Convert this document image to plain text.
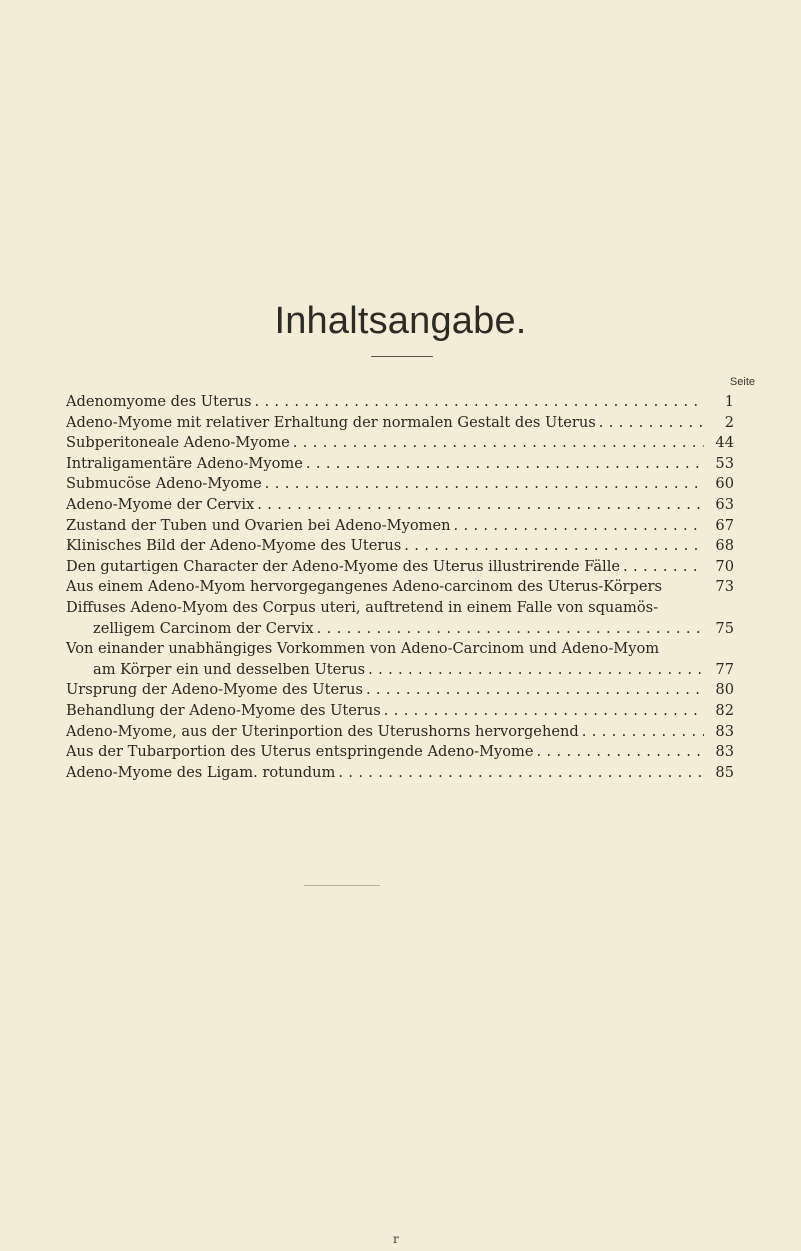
Inhaltsangabe.
Seite
Adenomyome des Uterus . . .	1
Adeno-Myome mit relativer Erhaltung der normalen Gestalt des Uterus . . .	2
Subperitoneale Adeno-Myome . . .	44
Intraligamentäre Adeno-Myome . . .	53
Submucöse Adeno-Myome . . .	60
Adeno-Myome der Cervix . . .	63
Zustand der Tuben und Ovarien bei Adeno-Myomen . . .	67
Klinisches Bild der Adeno-Myome des Uterus . . .	68
Den gutartigen Character der Adeno-Myome des Uterus illustrirende Fälle . . .	70
Aus einem Adeno-Myom hervorgegangenes Adeno-carcinom des Uterus-Körpers	73
Diffuses Adeno-Myom des Corpus uteri, auftretend in einem Falle von squamös-
zelligem Carcinom der Cervix . . .	75
Von einander unabhängiges Vorkommen von Adeno-Carcinom und Adeno-Myom
am Körper ein und desselben Uterus . . .	77
Ursprung der Adeno-Myome des Uterus . . .	80
Behandlung der Adeno-Myome des Uterus . . .	82
Adeno-Myome, aus der Uterinportion des Uterushorns hervorgehend . . .	83
Aus der Tubarportion des Uterus entspringende Adeno-Myome . . .	83
Adeno-Myome des Ligam. rotundum . . .	85
r
